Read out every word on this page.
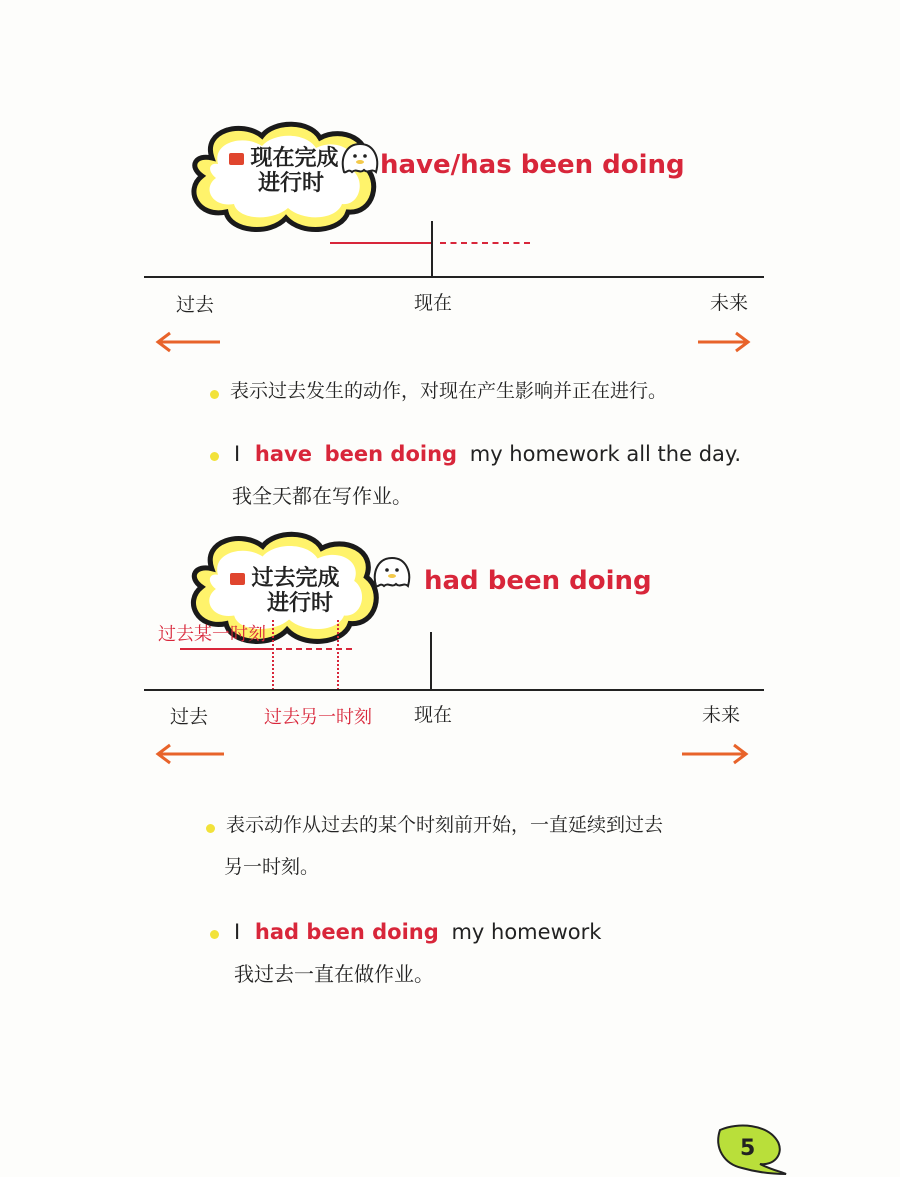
现在完成
进行时
have/has been doing
过去	现在	未来
表示过去发生的动作，对现在产生影响并正在进行。
I have been doing my homework all the day.
我全天都在写作业。
过去完成
进行时
had been doing
过去某一时刻
过去	过去另一时刻 现在	未来
表示动作从过去的某个时刻前开始，一直延续到过去
另一时刻。
I had been doing my homework
我过去一直在做作业。
5
